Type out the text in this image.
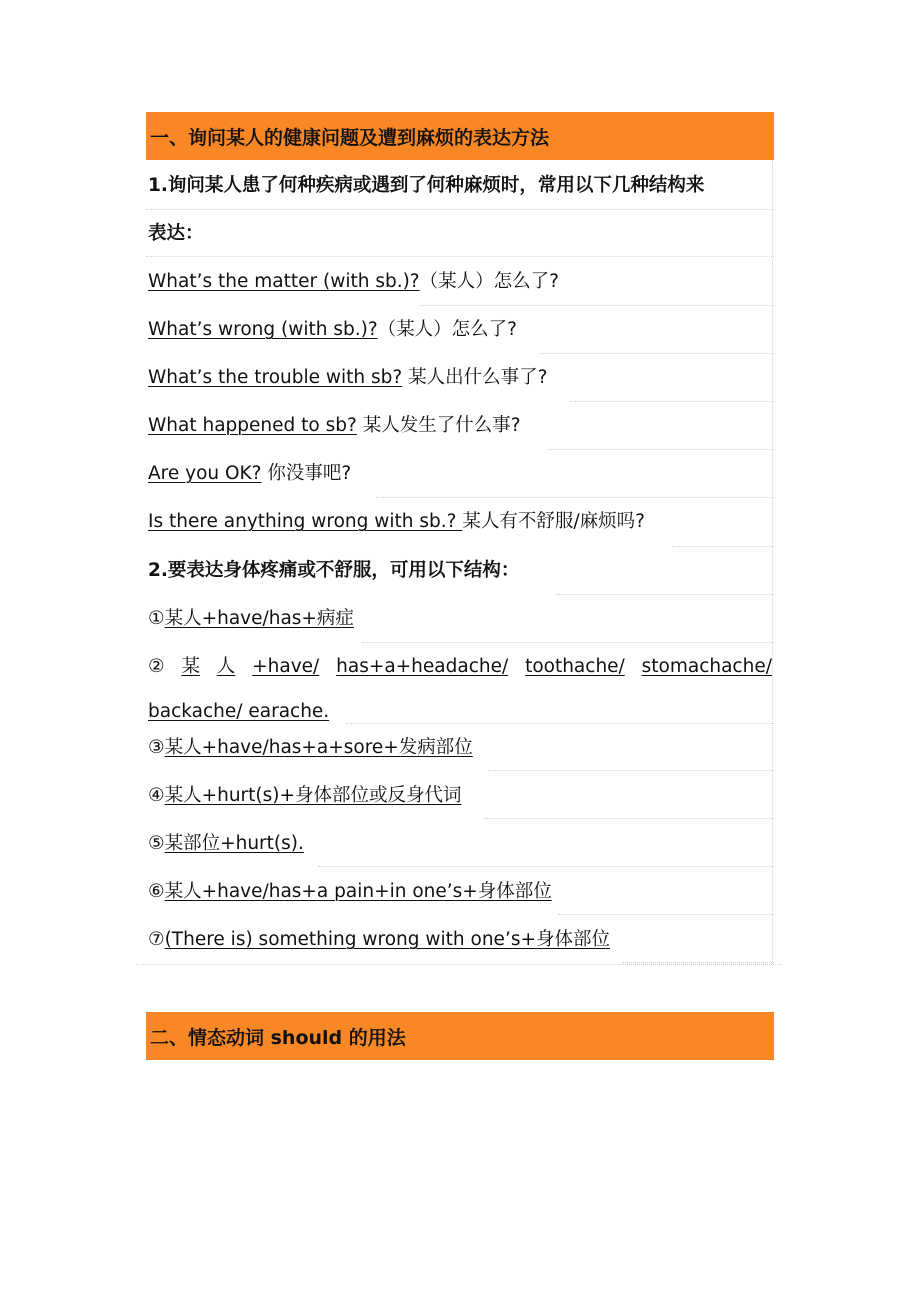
一、询问某人的健康问题及遭到麻烦的表达方法
1.询问某人患了何种疾病或遇到了何种麻烦时，常用以下几种结构来
表达：
What’s the matter (with sb.)?（某人）怎么了?
What’s wrong (with sb.)?（某人）怎么了?
What’s the trouble with sb? 某人出什么事了?
What happened to sb? 某人发生了什么事?
Are you OK? 你没事吧?
Is there anything wrong with sb.? 某人有不舒服/麻烦吗?
2.要表达身体疼痛或不舒服，可用以下结构：
①某人+have/has+病症
② 某 人 +have/ has+a+headache/ toothache/ stomachache/
backache/ earache.
③某人+have/has+a+sore+发病部位
④某人+hurt(s)+身体部位或反身代词
⑤某部位+hurt(s).
⑥某人+have/has+a pain+in one’s+身体部位
⑦(There is) something wrong with one’s+身体部位
二、情态动词 should 的用法
